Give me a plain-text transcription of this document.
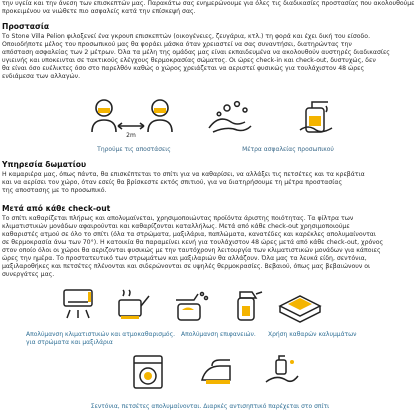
την υγεία και την άνεση των επισκεπτών μας. Παρακάτω σας ενημερώνουμε για όλες τις διαδικασίες προστασίας που ακολουθούμε
προκειμένου να νιώθετε πιο ασφαλείς κατά την επίσκεψή σας.
Προστασία
Το Stone Villa Pelion φιλοξενεί ένα γκρουπ επισκεπτών (οικογένειες, ζευγάρια, κτλ.) τη φορά και έχει δική του είσοδο.
Οποιοδήποτε μέλος του προσωπικού μας θα φοράει μάσκα όταν χρειαστεί να σας συναντήσει, διατηρώντας την
απόσταση ασφαλείας των 2 μέτρων. Όλα τα μέλη της ομάδας μας είναι εκπαιδευμένα να ακολουθούν αυστηρές διαδικασίες
υγιεινής και υποκεινται σε τακτικούς ελέγχους θερμοκρασίας σώματος. Οι ώρες check-in και check-out, δυστυχώς, δεν
θα είναι όσο ευέλικτες όσο στο παρελθόν καθώς ο χώρος χρειάζεται να αεριστεί φυσικώς για τουλάχιστον 48 ώρες
ενδιάμεσα των αλλαγών.
2m
Τηρούμε τις αποστάσεις	Μέτρα ασφαλείας προσωπικού
Υπηρεσία δωματίου
Η καμαριέρα μας, όπως πάντα, θα επισκέπτεται το σπίτι για να καθαρίσει, να αλλάξει τις πετσέτες και τα κρεβάτια
και να αερίσει τον χώρο, όταν εσείς θα βρίσκεστε εκτός σπιτιού, για να διατηρήσουμε τη μέτρα προστασίας
της αποστασης με το προσωπικό.
Μετά από κάθε check-out
Το σπίτι καθαρίζεται πλήρως και απολυμαίνεται, χρησιμοποιώντας προϊόντα άριστης ποιότητας. Τα φίλτρα των
κλιματιστικών μονάδων αφαιρούνται και καθαρίζονται καταλλήλως. Μετά από κάθε check-out χρησιμοποιούμε
καθαριστές ατμού σε όλο το σπίτι (όλα τα στρώματα, μαξιλάρια, παπλώματα, κανατέδες και καρέκλες απολυμαίνονται
σε θερμοκρασία άνω των 70°). Η κατοικία θα παραμείνει κενή για τουλάχιστον 48 ώρες μετά από κάθε check-out, χρόνος
στον οποίο όλοι οι χώροι θα αεριζονται φυσικώς με την ταυτόχρονη λειτουργία των κλιματιστικών μονάδων για κάποιες
ώρες την ημέρα. Το προστατευτικό των στρωμάτων και μαξιλαριών θα αλλάζουν. Όλα μας τα λευκά είδη, σεντόνια,
μαξιλαροθήκες και πετσέτες πλένονται και σιδερώνονται σε υψηλές θερμοκρασίες. Βεβαιού, όπως μας βεβαιώνουν οι
συνεργάτες μας.
Απολύμανση κλιματιστικών και ατμοκαθαρισμός. Απολύμανση επιφανειών.	Χρήση καθαρών καλυμμάτων
για στρώματα και μαξιλάρια
Σεντόνια, πετσέτες απολυμαίνονται. Διαρκές αντισηπτικό παρέχεται στο σπίτι
